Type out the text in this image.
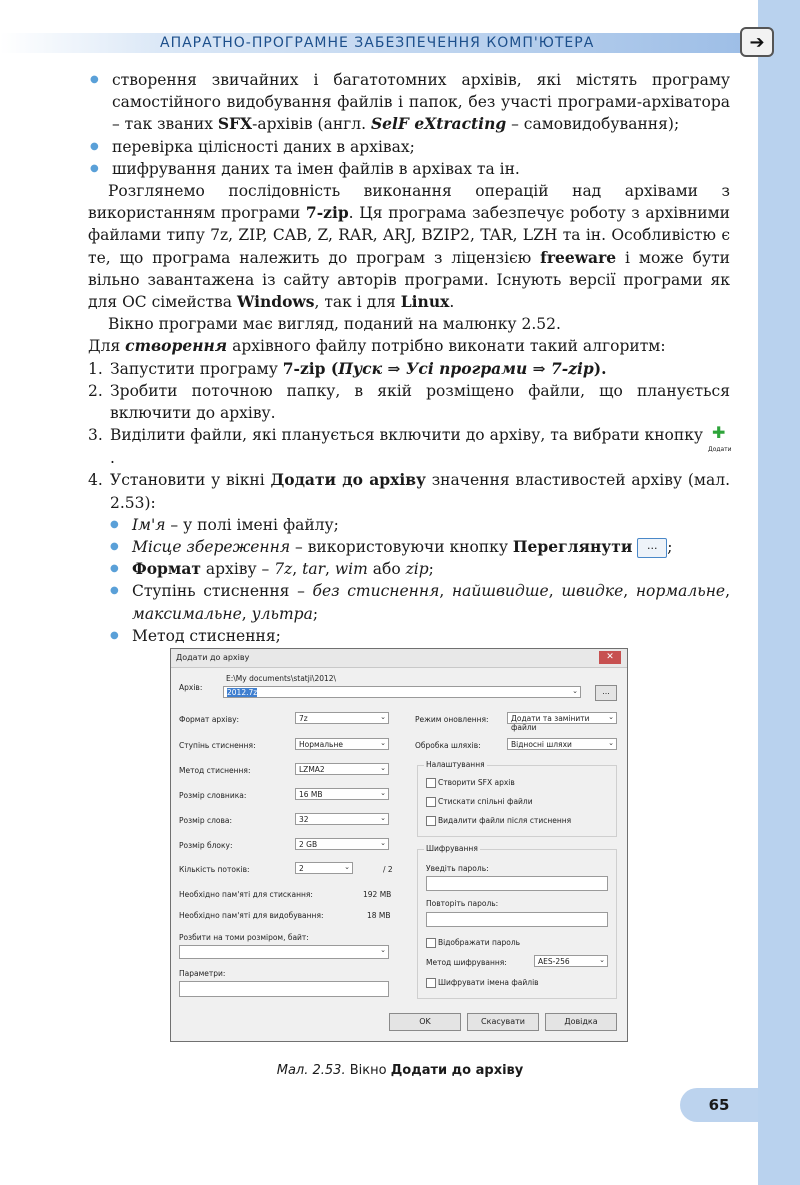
АПАРАТНО-ПРОГРАМНЕ ЗАБЕЗПЕЧЕННЯ КОМП'ЮТЕРА	➔

● створення звичайних і багатотомних архівів, які містять програму самостійного видобування файлів і папок, без участі програми-архіватора – так званих SFX-архівів (англ. SelF eXtracting – самовидобування);

● перевірка цілісності даних в архівах;

● шифрування даних та імен файлів в архівах та ін.

Розглянемо послідовність виконання операцій над архівами з використанням програми 7-zip. Ця програма забезпечує роботу з архівними файлами типу 7z, ZIP, CAB, Z, RAR, ARJ, BZIP2, TAR, LZH та ін. Особливістю є те, що програма належить до програм з ліцензією freeware і може бути вільно завантажена із сайту авторів програми. Існують версії програми як для ОС сімейства Windows, так і для Linux.

Вікно програми має вигляд, поданий на малюнку 2.52.

Для створення архівного файлу потрібно виконати такий алгоритм:

1. Запустити програму 7-zip (Пуск ⇒ Усі програми ⇒ 7-zip).

2. Зробити поточною папку, в якій розміщено файли, що планується включити до архіву.

3. Виділити файли, які планується включити до архіву, та вибрати кнопку ✚
Додати
.

4. Установити у вікні Додати до архіву значення властивостей архіву (мал. 2.53):

● Ім'я – у полі імені файлу;

● Місце збереження – використовуючи кнопку Переглянути ... ;

● Формат архіву – 7z, tar, wim або zip;

● Ступінь стиснення – без стиснення, найшвидше, швидке, нормальне, максимальне, ультра;

● Метод стиснення;

Додати до архіву	✕
Архів:
E:\My documents\statji\2012\
2012.7z	⌄	...
Формат архіву:	7z	⌄
Ступінь стиснення:	Нормальне	⌄
Метод стиснення:	LZMA2	⌄
Розмір словника:	16 MB	⌄
Розмір слова:	32	⌄
Розмір блоку:	2 GB	⌄
Кількість потоків:	2	⌄	/ 2
Необхідно пам'яті для стискання:	192 MB
Необхідно пам'яті для видобування:	18 MB
Розбити на томи розміром, байт:
⌄
Параметри:
Режим оновлення:	Додати та замінити файли
⌄
Обробка шляхів:	Відносні шляхи	⌄
Налаштування
Створити SFX архів
Стискати спільні файли
Видалити файли після стиснення
Шифрування
Уведіть пароль:
Повторіть пароль:
Відображати пароль
Метод шифрування:	AES-256	⌄
Шифрувати імена файлів
OK	Скасувати	Довідка
Мал. 2.53. Вікно Додати до архіву
65
